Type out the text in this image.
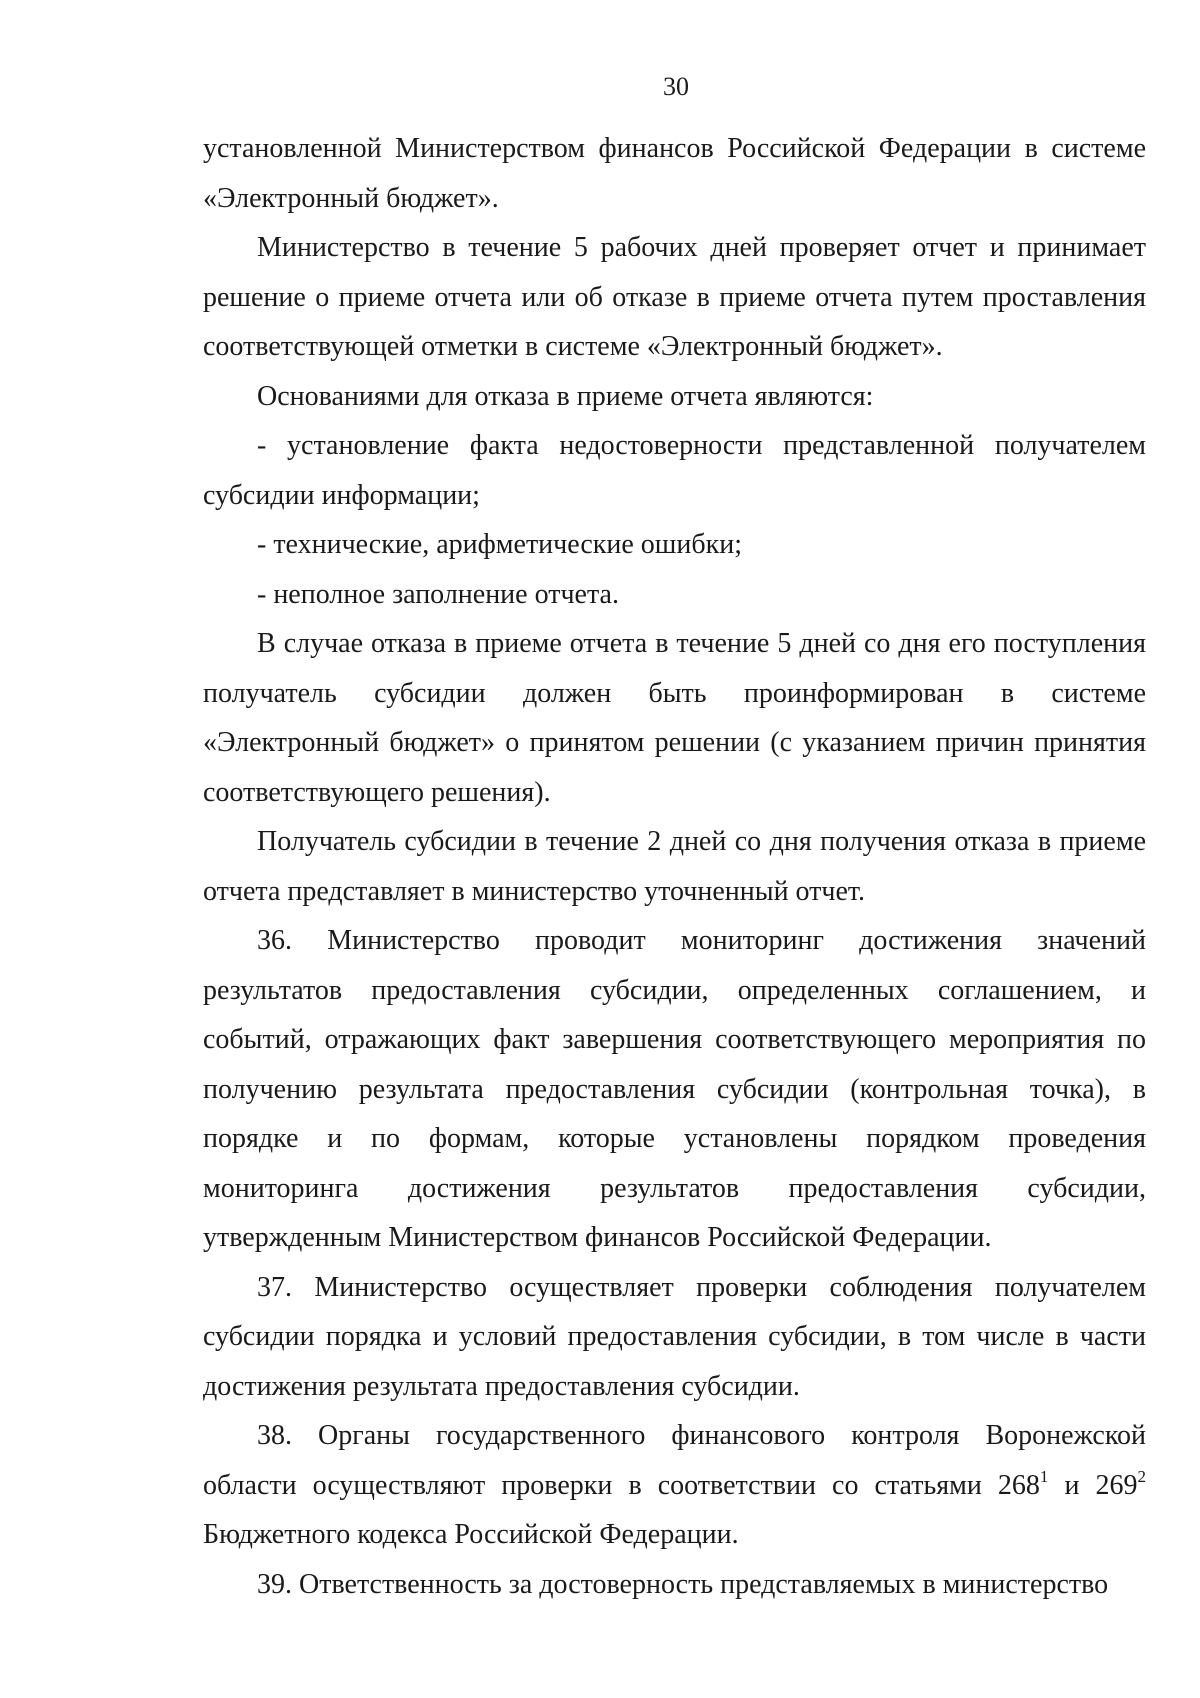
30

установленной Министерством финансов Российской Федерации в системе «Электронный бюджет».

Министерство в течение 5 рабочих дней проверяет отчет и принимает решение о приеме отчета или об отказе в приеме отчета путем проставления соответствующей отметки в системе «Электронный бюджет».

Основаниями для отказа в приеме отчета являются:

- установление факта недостоверности представленной получателем субсидии информации;

- технические, арифметические ошибки;

- неполное заполнение отчета.

В случае отказа в приеме отчета в течение 5 дней со дня его поступления получатель субсидии должен быть проинформирован в системе «Электронный бюджет» о принятом решении (с указанием причин принятия соответствующего решения).

Получатель субсидии в течение 2 дней со дня получения отказа в приеме отчета представляет в министерство уточненный отчет.

36. Министерство проводит мониторинг достижения значений результатов предоставления субсидии, определенных соглашением, и событий, отражающих факт завершения соответствующего мероприятия по получению результата предоставления субсидии (контрольная точка), в порядке и по формам, которые установлены порядком проведения мониторинга достижения результатов предоставления субсидии, утвержденным Министерством финансов Российской Федерации.

37. Министерство осуществляет проверки соблюдения получателем субсидии порядка и условий предоставления субсидии, в том числе в части достижения результата предоставления субсидии.

38. Органы государственного финансового контроля Воронежской области осуществляют проверки в соответствии со статьями $268^1$ и $269^2$ Бюджетного кодекса Российской Федерации.

39. Ответственность за достоверность представляемых в министерство
